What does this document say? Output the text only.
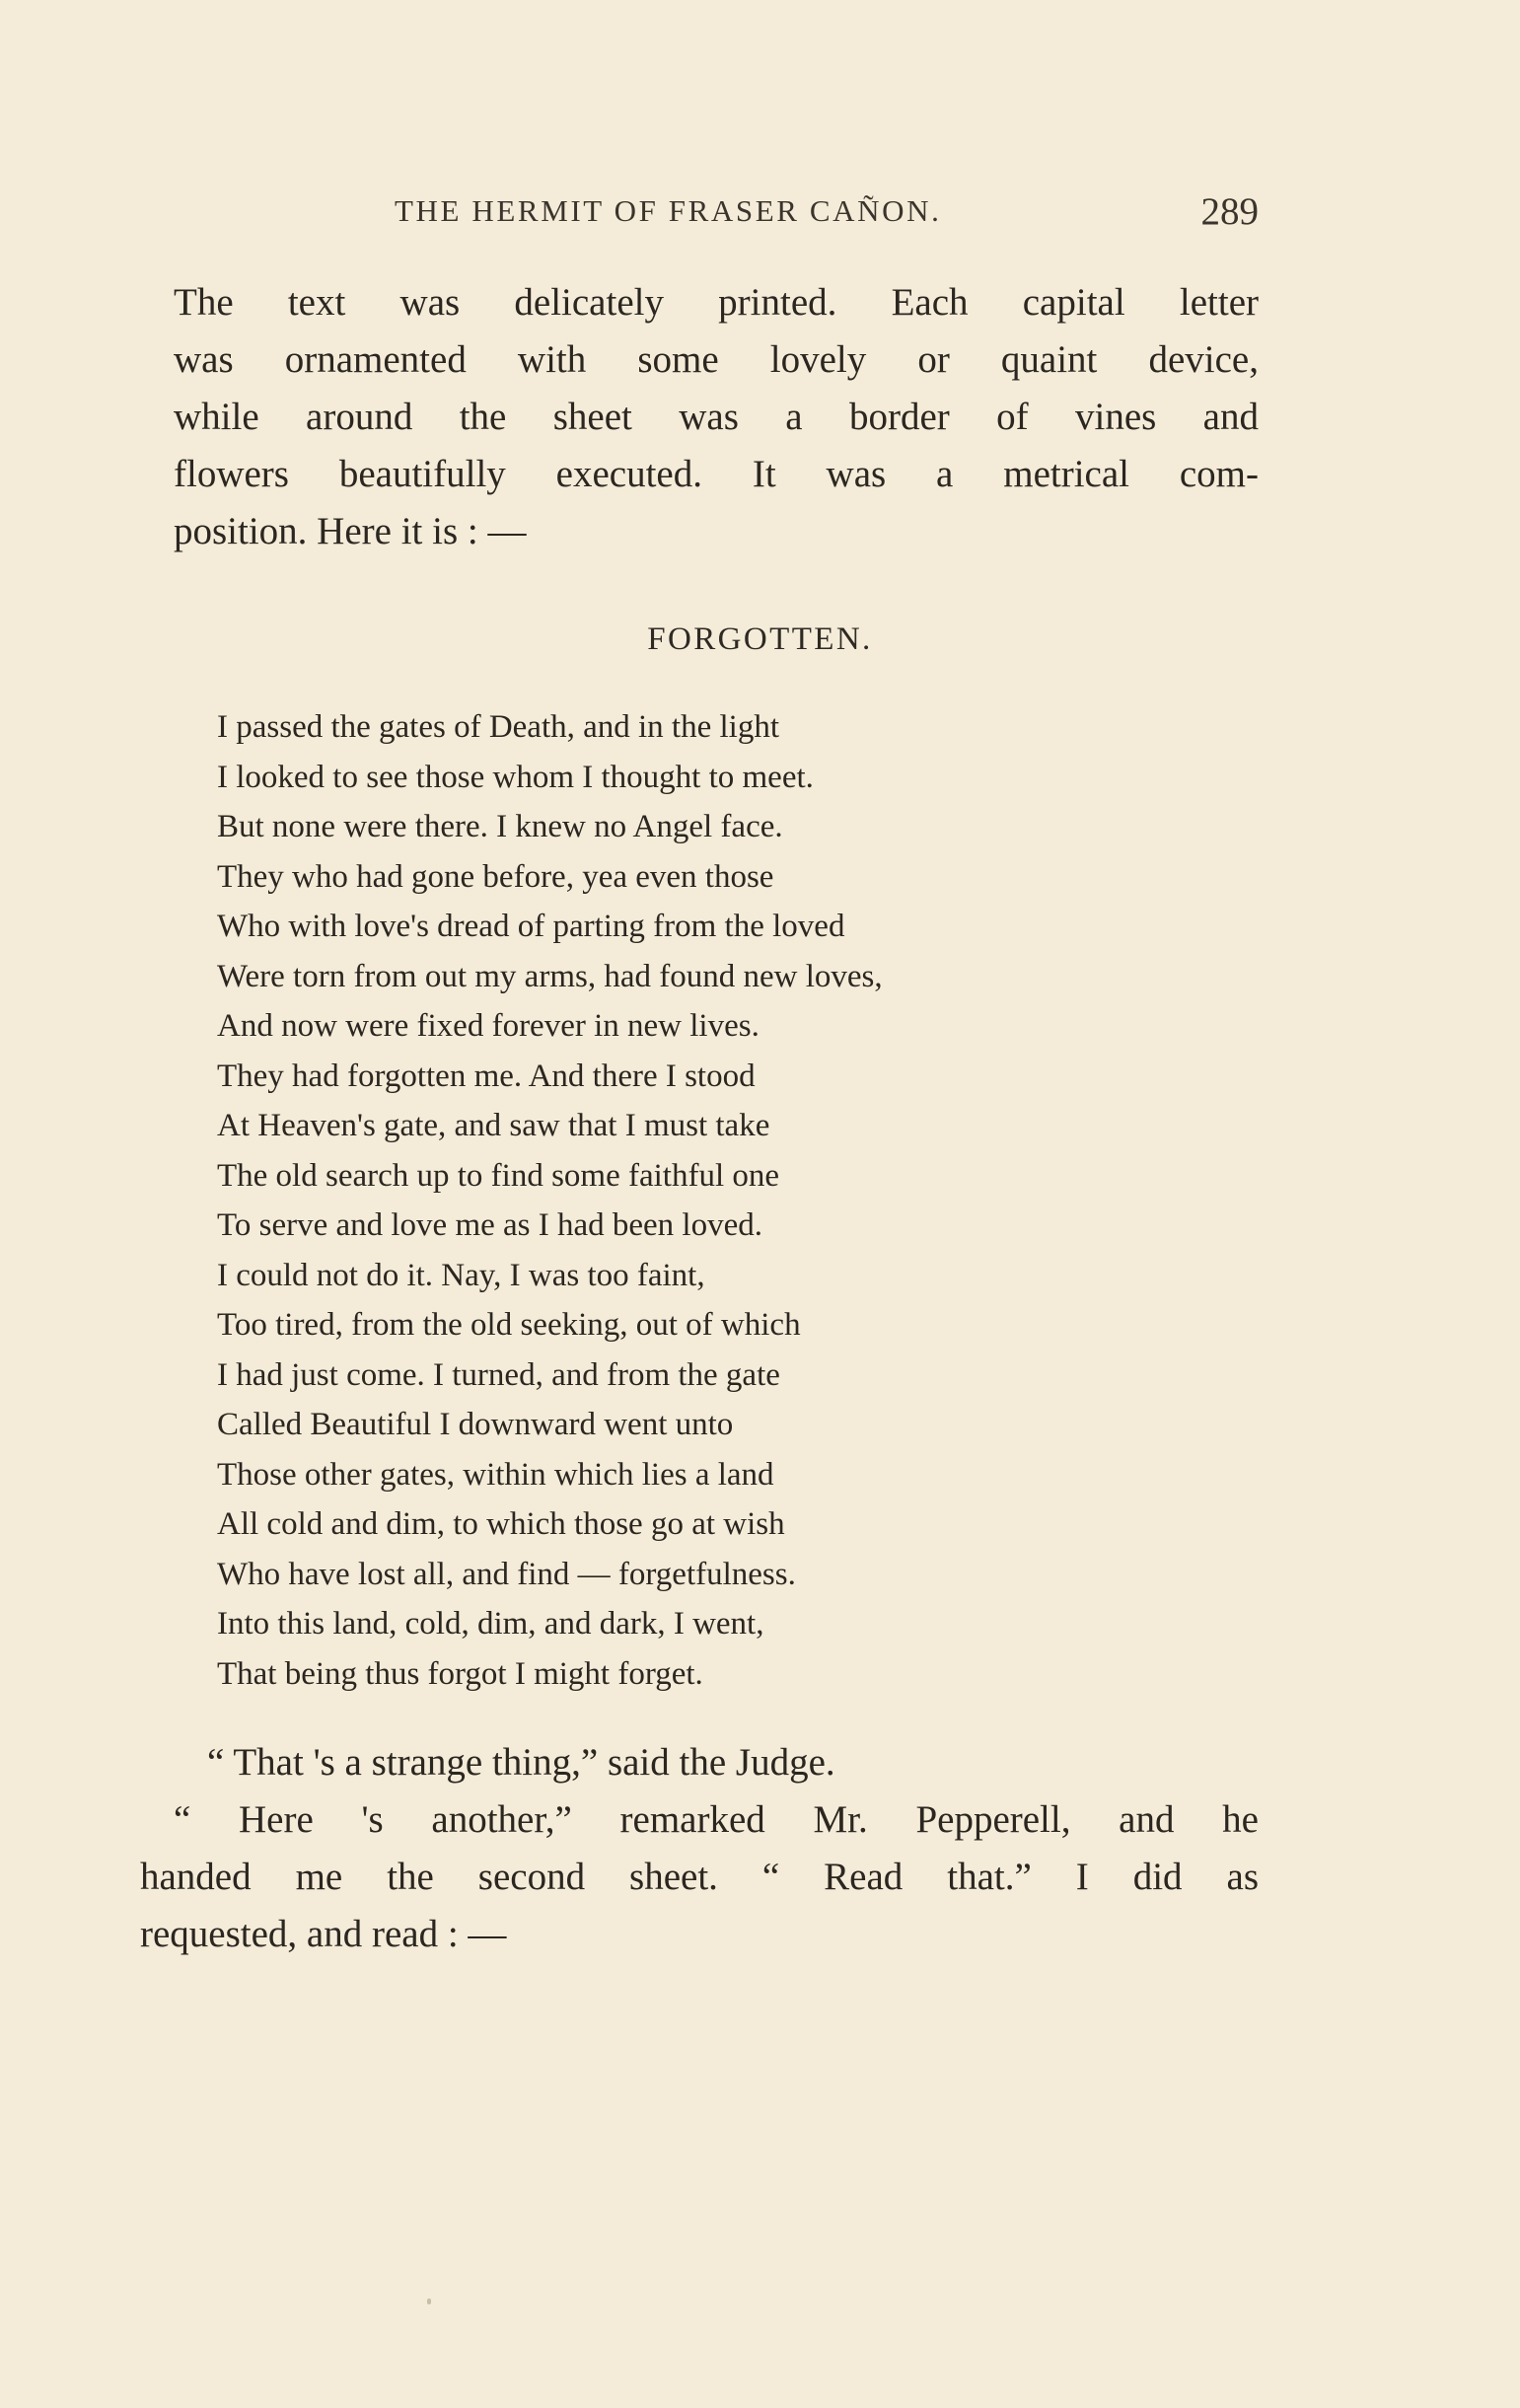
THE HERMIT OF FRASER CAÑON.	289

The text was delicately printed. Each capital letter
was ornamented with some lovely or quaint device,
while around the sheet was a border of vines and
flowers beautifully executed. It was a metrical com-
position. Here it is : —

FORGOTTEN.
I passed the gates of Death, and in the light
I looked to see those whom I thought to meet.
But none were there. I knew no Angel face.
They who had gone before, yea even those
Who with love's dread of parting from the loved
Were torn from out my arms, had found new loves,
And now were fixed forever in new lives.
They had forgotten me. And there I stood
At Heaven's gate, and saw that I must take
The old search up to find some faithful one
To serve and love me as I had been loved.
I could not do it. Nay, I was too faint,
Too tired, from the old seeking, out of which
I had just come. I turned, and from the gate
Called Beautiful I downward went unto
Those other gates, within which lies a land
All cold and dim, to which those go at wish
Who have lost all, and find — forgetfulness.
Into this land, cold, dim, and dark, I went,
That being thus forgot I might forget.

“ That 's a strange thing,” said the Judge.

“ Here 's another,” remarked Mr. Pepperell, and he
handed me the second sheet. “ Read that.” I did as
requested, and read : —
